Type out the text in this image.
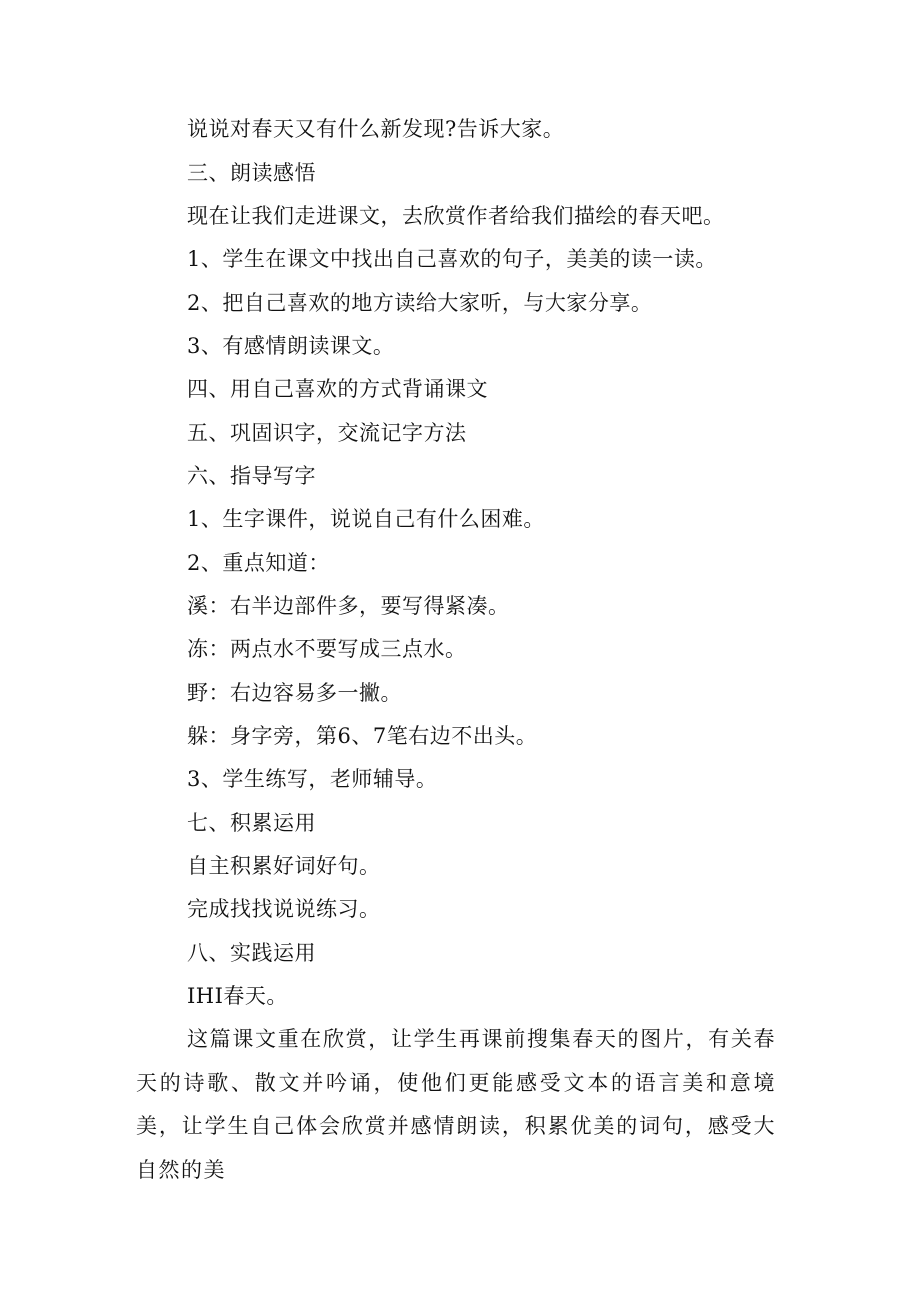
说说对春天又有什么新发现?告诉大家。
三、朗读感悟
现在让我们走进课文，去欣赏作者给我们描绘的春天吧。
1、学生在课文中找出自己喜欢的句子，美美的读一读。
2、把自己喜欢的地方读给大家听，与大家分享。
3、有感情朗读课文。
四、用自己喜欢的方式背诵课文
五、巩固识字，交流记字方法
六、指导写字
1、生字课件，说说自己有什么困难。
2、重点知道：
溪：右半边部件多，要写得紧凑。
冻：两点水不要写成三点水。
野：右边容易多一撇。
躲：身字旁，第6、7笔右边不出头。
3、学生练写，老师辅导。
七、积累运用
自主积累好词好句。
完成找找说说练习。
八、实践运用
IHI春天。
这篇课文重在欣赏，让学生再课前搜集春天的图片，有关春天的诗歌、散文并吟诵，使他们更能感受文本的语言美和意境美，让学生自己体会欣赏并感情朗读，积累优美的词句，感受大自然的美
